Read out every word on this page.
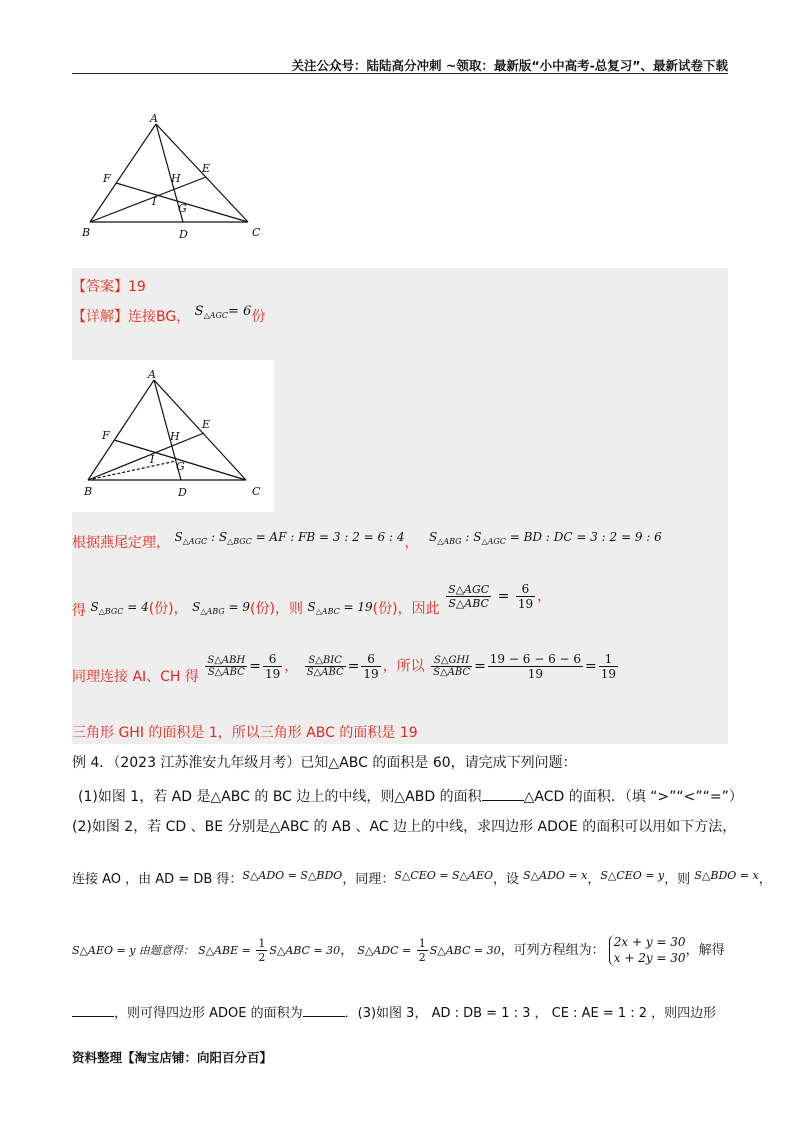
关注公众号：陆陆高分冲刺 ~领取：最新版“小中高考-总复习”、最新试卷下载
A
B	C
D
E
F
G
H
I
【答案】19
【详解】连接BG， $S_{\triangle AGC}= 6$份
A
B	C
D
E
F
G
H
I
根据燕尾定理， $S_{\triangle AGC}$ : $S_{\triangle BGC}$ = AF : FB = 3 : 2 = 6 : 4， $S_{\triangle ABG}$ : $S_{\triangle AGC}$ = BD : DC = 3 : 2 = 9 : 6
得 $S_{\triangle BGC} = 4$(份)， $S_{\triangle ABG} = 9$(份)，则 $S_{\triangle ABC} = 19$(份)，因此 $\frac{\text{S△AGC}}{\text{S△ABC}} = \frac{6}{19}$ ，
同理连接 AI、CH 得 $\frac{\text{S△ABH}}{\text{S△ABC}} = \frac{6}{19}$ ， $\frac{\text{S△BIC}}{\text{S△ABC}} = \frac{6}{19}$ ，所以 $\frac{\text{S△GHI}}{\text{S△ABC}} = \frac{19 - 6 - 6 - 6}{19} = \frac{1}{19}$
三角形 GHI 的面积是 1，所以三角形 ABC 的面积是 19
例 4．（2023 江苏淮安九年级月考）已知△ABC 的面积是 60，请完成下列问题：
(1)如图 1，若 AD 是△ABC 的 BC 边上的中线，则△ABD 的面积	△ACD 的面积．（填 “>”“<”“=”）
(2)如图 2，若 CD 、BE 分别是△ABC 的 AB 、AC 边上的中线，求四边形 ADOE 的面积可以用如下方法，
连接 AO ，由 AD = DB 得：$^{S\triangle ADO = S\triangle BDO}$，同理：$^{S\triangle CEO = S\triangle AEO}$，设 $^{S\triangle ADO = x}$，$^{S\triangle CEO = y}$，则 $^{S\triangle BDO = x}$，
S△AEO = y 由题意得： S△ABE = $\frac{1}{2}$ S△ABC = 30， S△ADC = $\frac{1}{2}$ S△ABC = 30，可列方程组为：
2x + y = 30
x + 2y = 30 ，解得
，则可得四边形 ADOE 的面积为	．(3)如图 3， AD : DB = 1 : 3 ， CE : AE = 1 : 2 ，则四边形
资料整理【淘宝店铺：向阳百分百】
